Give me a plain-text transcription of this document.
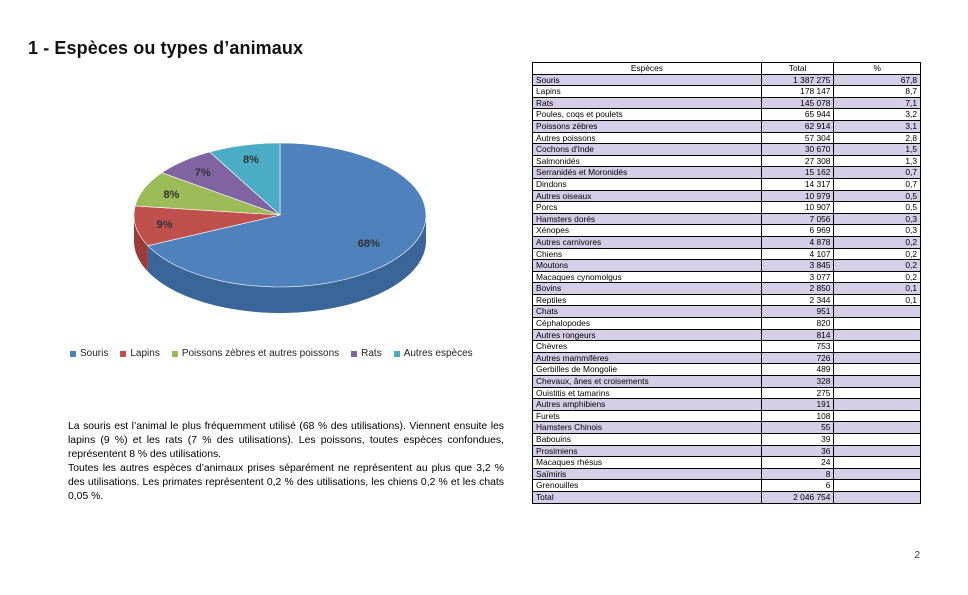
1 - Espèces ou types d’animaux
68%
9%
8%
7%
8%
Souris Lapins Poissons zèbres et autres poissons Rats Autres espèces

La souris est l’animal le plus fréquemment utilisé (68 % des utilisations). Viennent ensuite les lapins (9 %) et les rats (7 % des utilisations). Les poissons, toutes espèces confondues, représentent 8 % des utilisations.

Toutes les autres espèces d’animaux prises séparément ne représentent au plus que 3,2 % des utilisations. Les primates représentent 0,2 % des utilisations, les chiens 0,2 % et les chats 0,05 %.

Espèces	Total	%
Souris	1 387 275	67,8
Lapins	178 147	8,7
Rats	145 078	7,1
Poules, coqs et poulets	65 944	3,2
Poissons zèbres	62 914	3,1
Autres poissons	57 304	2,8
Cochons d'Inde	30 670	1,5
Salmonidés	27 308	1,3
Serranidés et Moronidés	15 162	0,7
Dindons	14 317	0,7
Autres oiseaux	10 979	0,5
Porcs	10 907	0,5
Hamsters dorés	7 056	0,3
Xénopes	6 969	0,3
Autres carnivores	4 878	0,2
Chiens	4 107	0,2
Moutons	3 845	0,2
Macaques cynomolgus	3 077	0,2
Bovins	2 850	0,1
Reptiles	2 344	0,1
Chats	951	
Céphalopodes	820	
Autres rongeurs	814	
Chèvres	753	
Autres mammifères	726	
Gerbilles de Mongolie	489	
Chevaux, ânes et croisements	328	
Ouistitis et tamarins	275	
Autres amphibiens	191	
Furets	108	
Hamsters Chinois	55	
Babouins	39	
Prosimiens	36	
Macaques rhésus	24	
Saïmiris	8	
Grenouilles	6	
Total	2 046 754	
2
